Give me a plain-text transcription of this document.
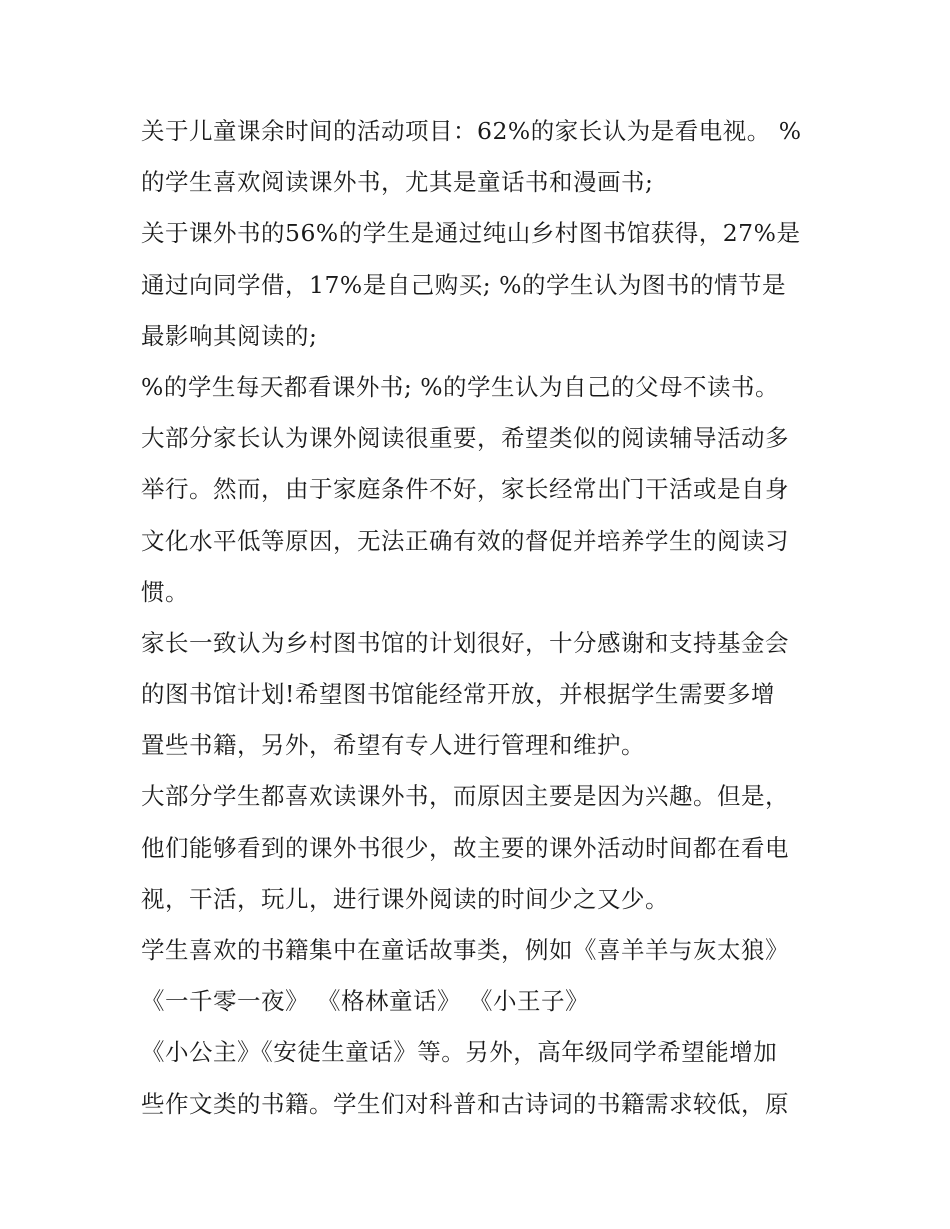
关于儿童课余时间的活动项目：62%的家长认为是看电视。 %
的学生喜欢阅读课外书，尤其是童话书和漫画书;
关于课外书的56%的学生是通过纯山乡村图书馆获得，27%是
通过向同学借，17%是自己购买; %的学生认为图书的情节是
最影响其阅读的;
%的学生每天都看课外书; %的学生认为自己的父母不读书。
大部分家长认为课外阅读很重要，希望类似的阅读辅导活动多
举行。然而，由于家庭条件不好，家长经常出门干活或是自身
文化水平低等原因，无法正确有效的督促并培养学生的阅读习
惯。
家长一致认为乡村图书馆的计划很好，十分感谢和支持基金会
的图书馆计划!希望图书馆能经常开放，并根据学生需要多增
置些书籍，另外，希望有专人进行管理和维护。
大部分学生都喜欢读课外书，而原因主要是因为兴趣。但是，
他们能够看到的课外书很少，故主要的课外活动时间都在看电
视，干活，玩儿，进行课外阅读的时间少之又少。
学生喜欢的书籍集中在童话故事类，例如《喜羊羊与灰太狼》
《一千零一夜》 《格林童话》 《小王子》
《小公主》《安徒生童话》等。另外，高年级同学希望能增加
些作文类的书籍。学生们对科普和古诗词的书籍需求较低，原
